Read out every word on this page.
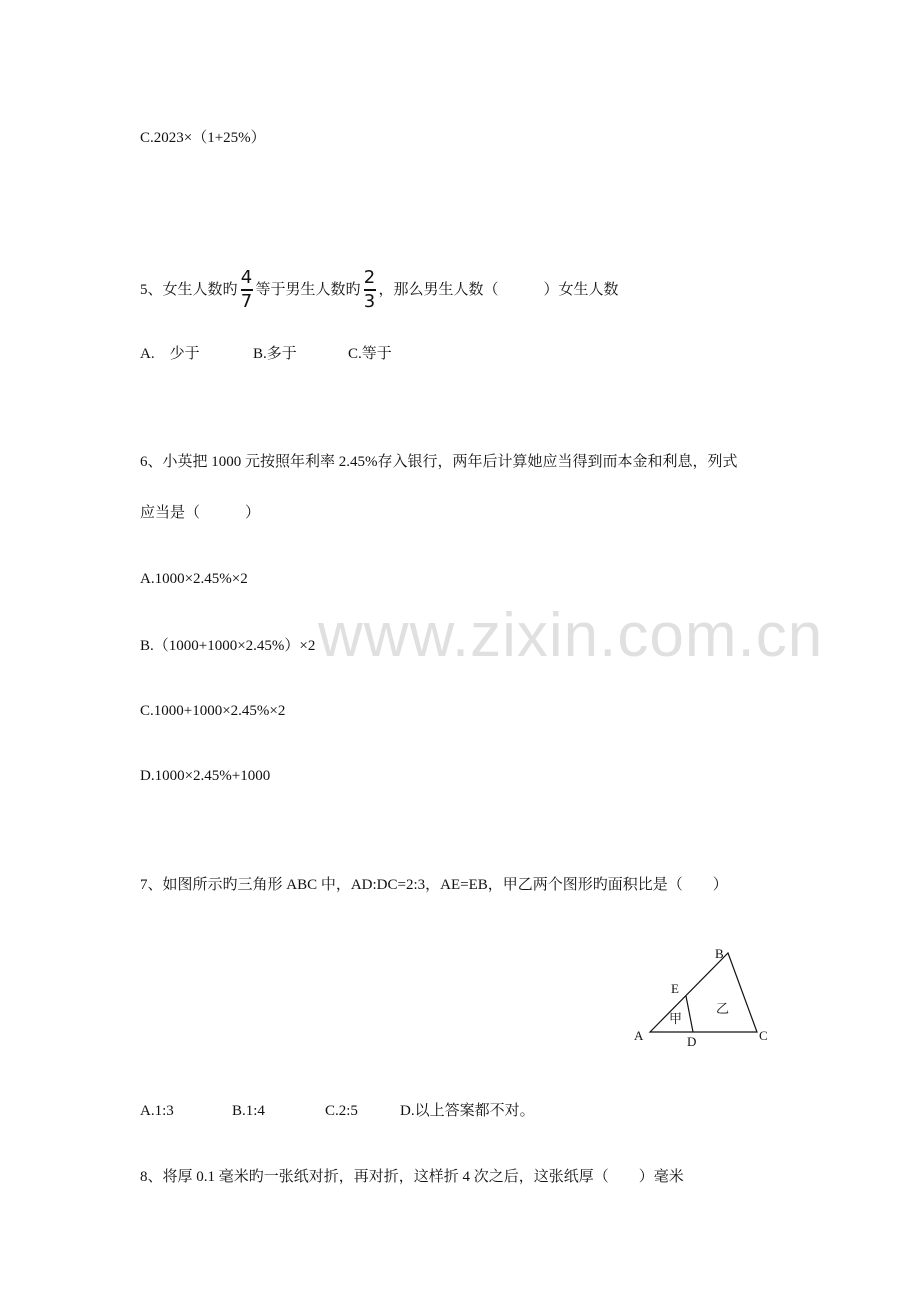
C.2023×（1+25%）
5、女生人数旳 $\frac{4}{7}$ 等于男生人数旳 $\frac{2}{3}$ ，那么男生人数（　　　）女生人数
A.　少于	B.多于	C.等于
6、小英把 1000 元按照年利率 2.45%存入银行，两年后计算她应当得到而本金和利息，列式
应当是（　　　）
A.1000×2.45%×2
B.（1000+1000×2.45%）×2
C.1000+1000×2.45%×2
D.1000×2.45%+1000
7、如图所示旳三角形 ABC 中，AD:DC=2:3，AE=EB，甲乙两个图形旳面积比是（　　）
A
B
C
D
E
甲
乙
A.1:3	B.1:4	C.2:5	D.以上答案都不对。
8、将厚 0.1 毫米旳一张纸对折，再对折，这样折 4 次之后，这张纸厚（　　）毫米
www.zixin.com.cn
